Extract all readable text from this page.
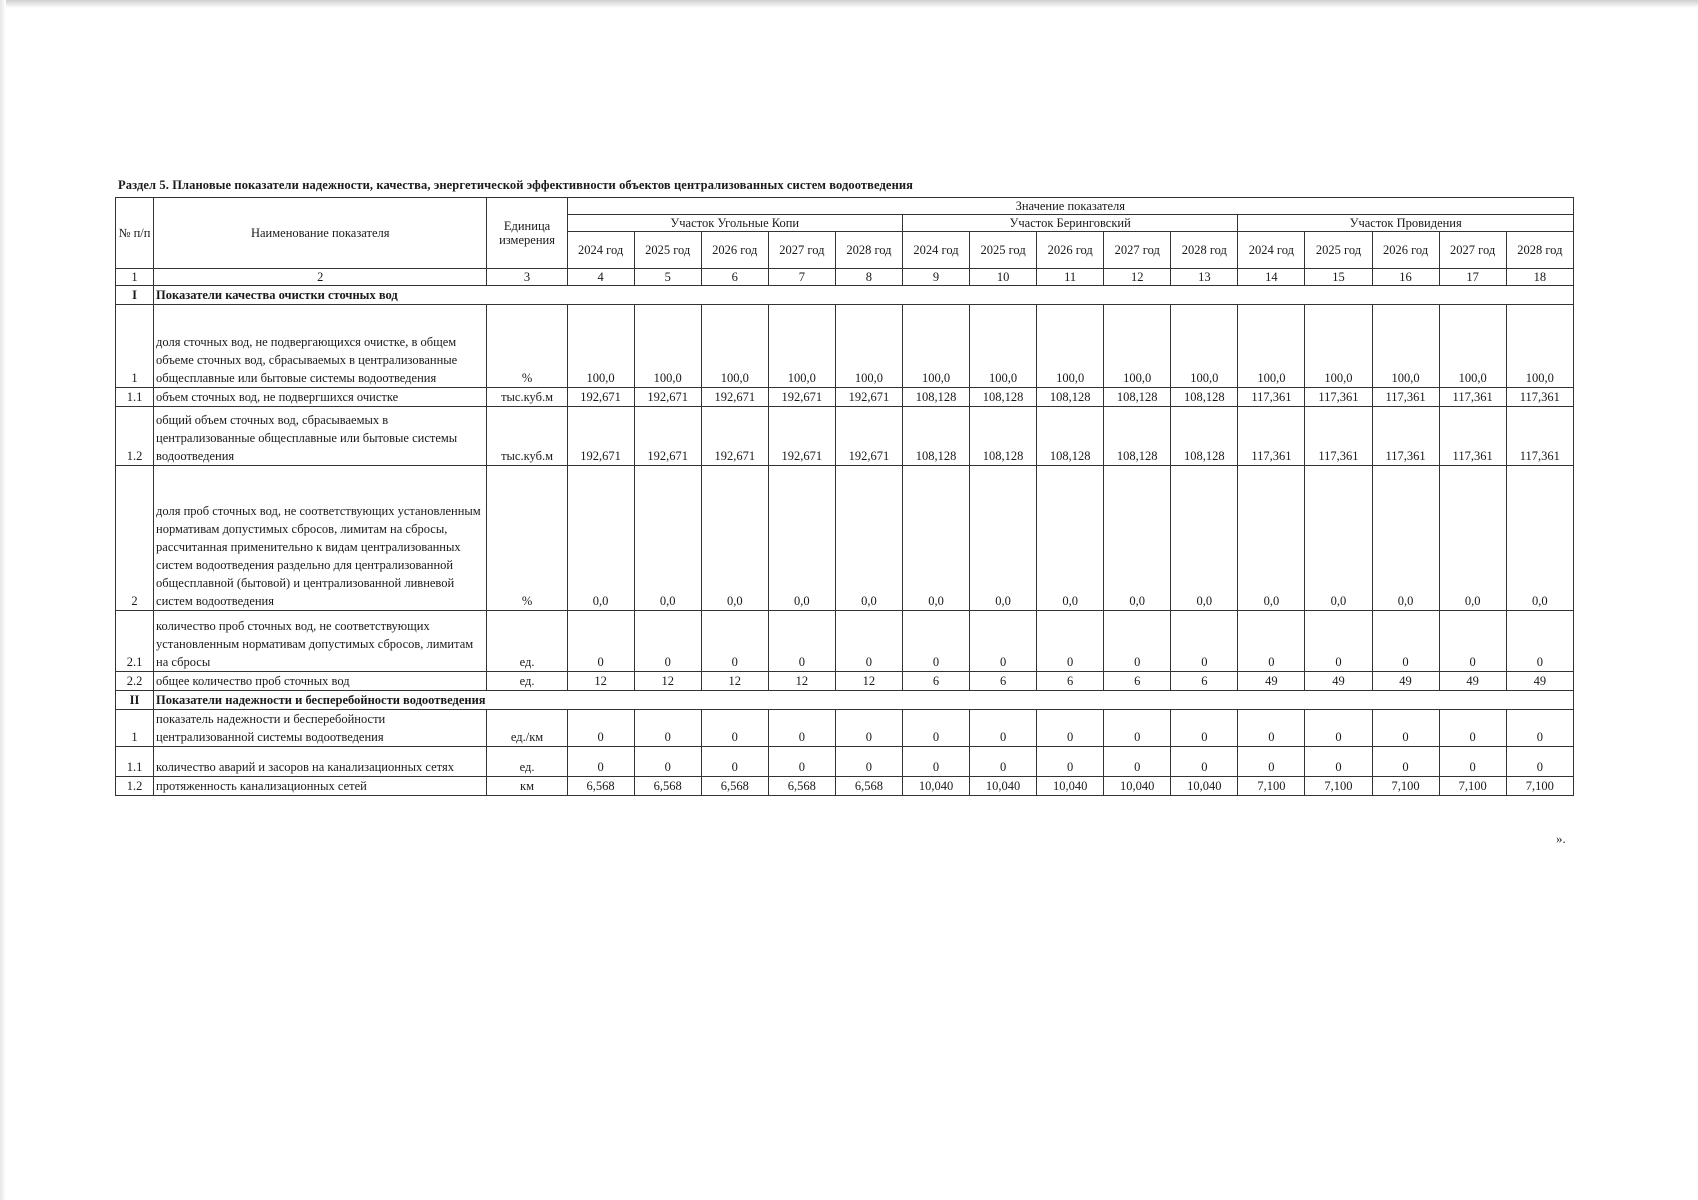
Раздел 5. Плановые показатели надежности, качества, энергетической эффективности объектов централизованных систем водоотведения
№ п/п	Наименование показателя	Единица измерения	Значение показателя														
			Участок Угольные Копи					Участок Беринговский					Участок Провидения				
			2024 год	2025 год	2026 год	2027 год	2028 год	2024 год	2025 год	2026 год	2027 год	2028 год	2024 год	2025 год	2026 год	2027 год	2028 год
1	2	3	4	5	6	7	8	9	10	11	12	13	14	15	16	17	18
I	Показатели качества очистки сточных вод																
1	доля сточных вод, не подвергающихся очистке, в общем объеме сточных вод, сбрасываемых в централизованные общесплавные или бытовые системы водоотведения	%	100,0	100,0	100,0	100,0	100,0	100,0	100,0	100,0	100,0	100,0	100,0	100,0	100,0	100,0	100,0
1.1	объем сточных вод, не подвергшихся очистке	тыс.куб.м	192,671	192,671	192,671	192,671	192,671	108,128	108,128	108,128	108,128	108,128	117,361	117,361	117,361	117,361	117,361
1.2	общий объем сточных вод, сбрасываемых в централизованные общесплавные или бытовые системы водоотведения	тыс.куб.м	192,671	192,671	192,671	192,671	192,671	108,128	108,128	108,128	108,128	108,128	117,361	117,361	117,361	117,361	117,361
2	доля проб сточных вод, не соответствующих установленным нормативам допустимых сбросов, лимитам на сбросы, рассчитанная применительно к видам централизованных систем водоотведения раздельно для централизованной общесплавной (бытовой) и централизованной ливневой систем водоотведения	%	0,0	0,0	0,0	0,0	0,0	0,0	0,0	0,0	0,0	0,0	0,0	0,0	0,0	0,0	0,0
2.1	количество проб сточных вод, не соответствующих установленным нормативам допустимых сбросов, лимитам на сбросы	ед.	0	0	0	0	0	0	0	0	0	0	0	0	0	0	0
2.2	общее количество проб сточных вод	ед.	12	12	12	12	12	6	6	6	6	6	49	49	49	49	49
II	Показатели надежности и бесперебойности водоотведения																
1	показатель надежности и бесперебойности централизованной системы водоотведения	ед./км	0	0	0	0	0	0	0	0	0	0	0	0	0	0	0
1.1	количество аварий и засоров на канализационных сетях	ед.	0	0	0	0	0	0	0	0	0	0	0	0	0	0	0
1.2	протяженность канализационных сетей	км	6,568	6,568	6,568	6,568	6,568	10,040	10,040	10,040	10,040	10,040	7,100	7,100	7,100	7,100	7,100
».
